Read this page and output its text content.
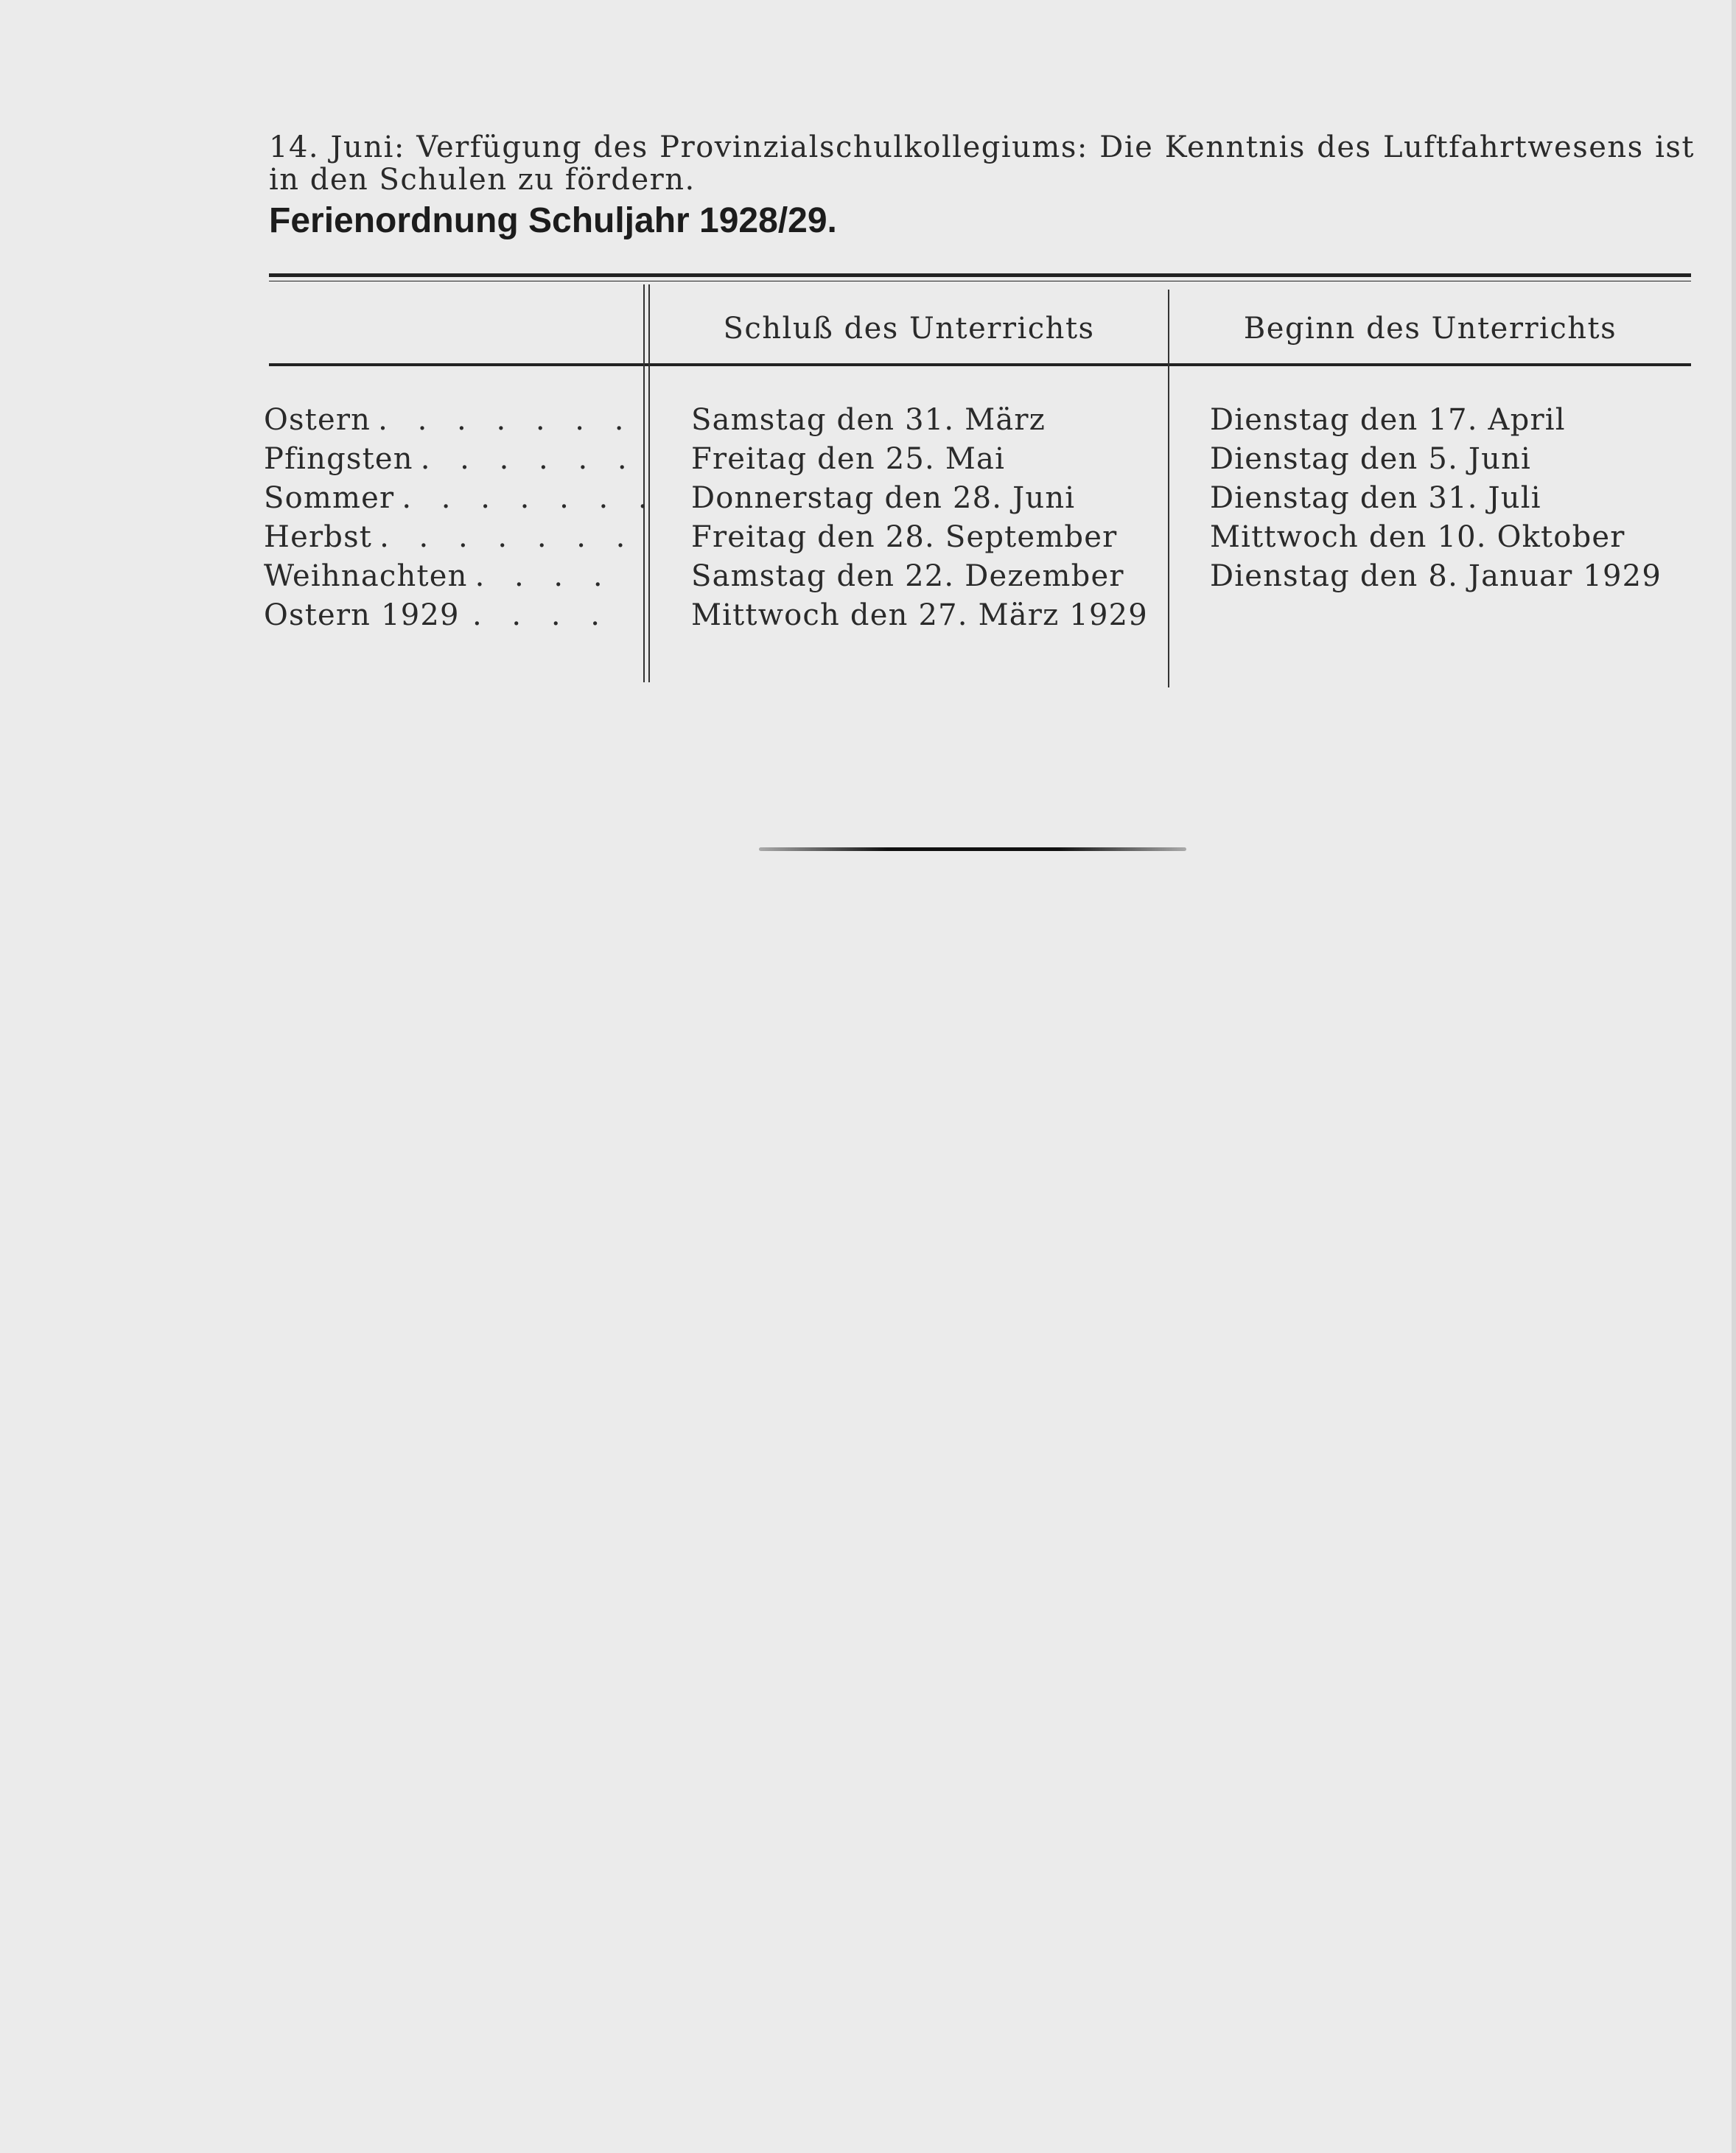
14. Juni: Verfügung des Provinzialschulkollegiums: Die Kenntnis des Luftfahrtwesens ist in den Schulen zu fördern.

Ferienordnung Schuljahr 1928/29.
Schluß des Unterrichts	Beginn des Unterrichts
Ostern . . . . . . .
Pfingsten . . . . . .
Sommer . . . . . . .
Herbst . . . . . . .
Weihnachten . . . .
Ostern 1929 . . . .
Samstag den 31. März
Freitag den 25. Mai
Donnerstag den 28. Juni
Freitag den 28. September
Samstag den 22. Dezember
Mittwoch den 27. März 1929
Dienstag den 17. April
Dienstag den 5. Juni
Dienstag den 31. Juli
Mittwoch den 10. Oktober
Dienstag den 8. Januar 1929
